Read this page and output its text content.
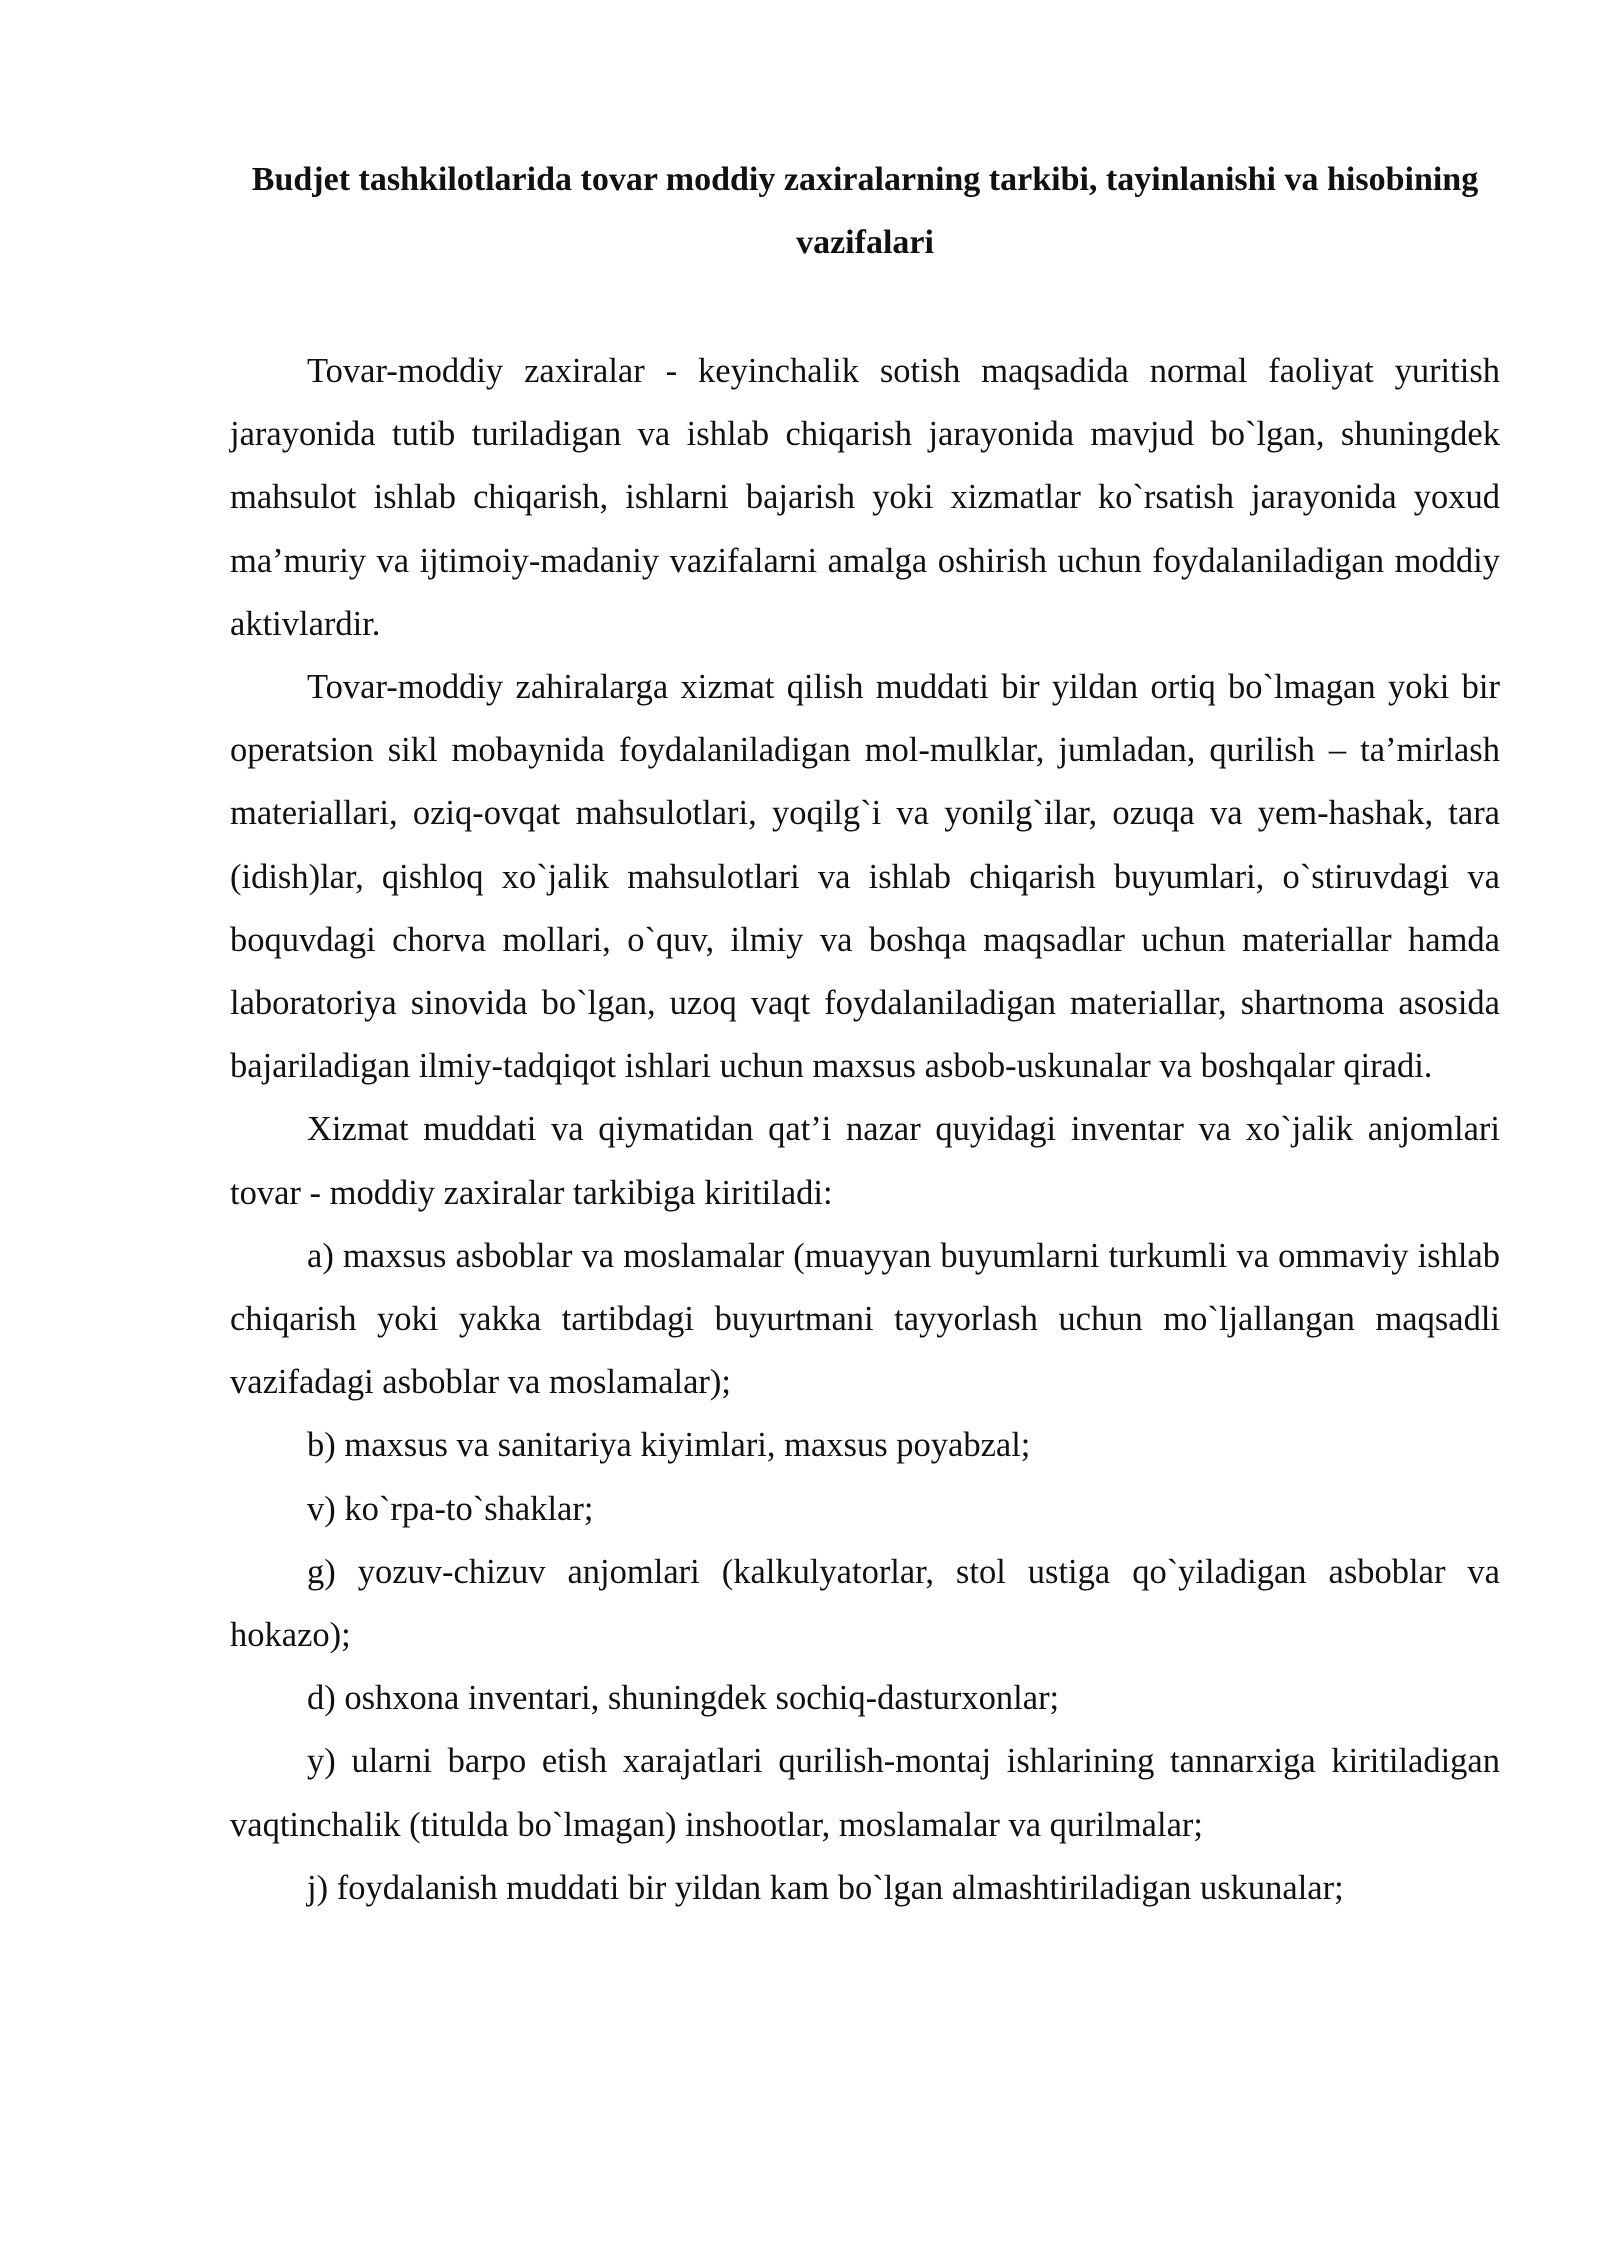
Budjet tashkilotlarida tovar moddiy zaxiralarning tarkibi, tayinlanishi va hisobining vazifalari

Tovar-moddiy zaxiralar - keyinchalik sotish maqsadida normal faoliyat yuritish jarayonida tutib turiladigan va ishlab chiqarish jarayonida mavjud bo`lgan, shuningdek mahsulot ishlab chiqarish, ishlarni bajarish yoki xizmatlar ko`rsatish jarayonida yoxud ma’muriy va ijtimoiy-madaniy vazifalarni amalga oshirish uchun foydalaniladigan moddiy aktivlardir.

Tovar-moddiy zahiralarga xizmat qilish muddati bir yildan ortiq bo`lmagan yoki bir operatsion sikl mobaynida foydalaniladigan mol-mulklar, jumladan, qurilish – ta’mirlash materiallari, oziq-ovqat mahsulotlari, yoqilg`i va yonilg`ilar, ozuqa va yem-hashak, tara (idish)lar, qishloq xo`jalik mahsulotlari va ishlab chiqarish buyumlari, o`stiruvdagi va boquvdagi chorva mollari, o`quv, ilmiy va boshqa maqsadlar uchun materiallar hamda laboratoriya sinovida bo`lgan, uzoq vaqt foydalaniladigan materiallar, shartnoma asosida bajariladigan ilmiy-tadqiqot ishlari uchun maxsus asbob-uskunalar va boshqalar qiradi.

Xizmat muddati va qiymatidan qat’i nazar quyidagi inventar va xo`jalik anjomlari tovar - moddiy zaxiralar tarkibiga kiritiladi:

a) maxsus asboblar va moslamalar (muayyan buyumlarni turkumli va ommaviy ishlab chiqarish yoki yakka tartibdagi buyurtmani tayyorlash uchun mo`ljallangan maqsadli vazifadagi asboblar va moslamalar);

b) maxsus va sanitariya kiyimlari, maxsus poyabzal;

v) ko`rpa-to`shaklar;

g) yozuv-chizuv anjomlari (kalkulyatorlar, stol ustiga qo`yiladigan asboblar va hokazo);

d) oshxona inventari, shuningdek sochiq-dasturxonlar;

y) ularni barpo etish xarajatlari qurilish-montaj ishlarining tannarxiga kiritiladigan vaqtinchalik (titulda bo`lmagan) inshootlar, moslamalar va qurilmalar;

j) foydalanish muddati bir yildan kam bo`lgan almashtiriladigan uskunalar;
